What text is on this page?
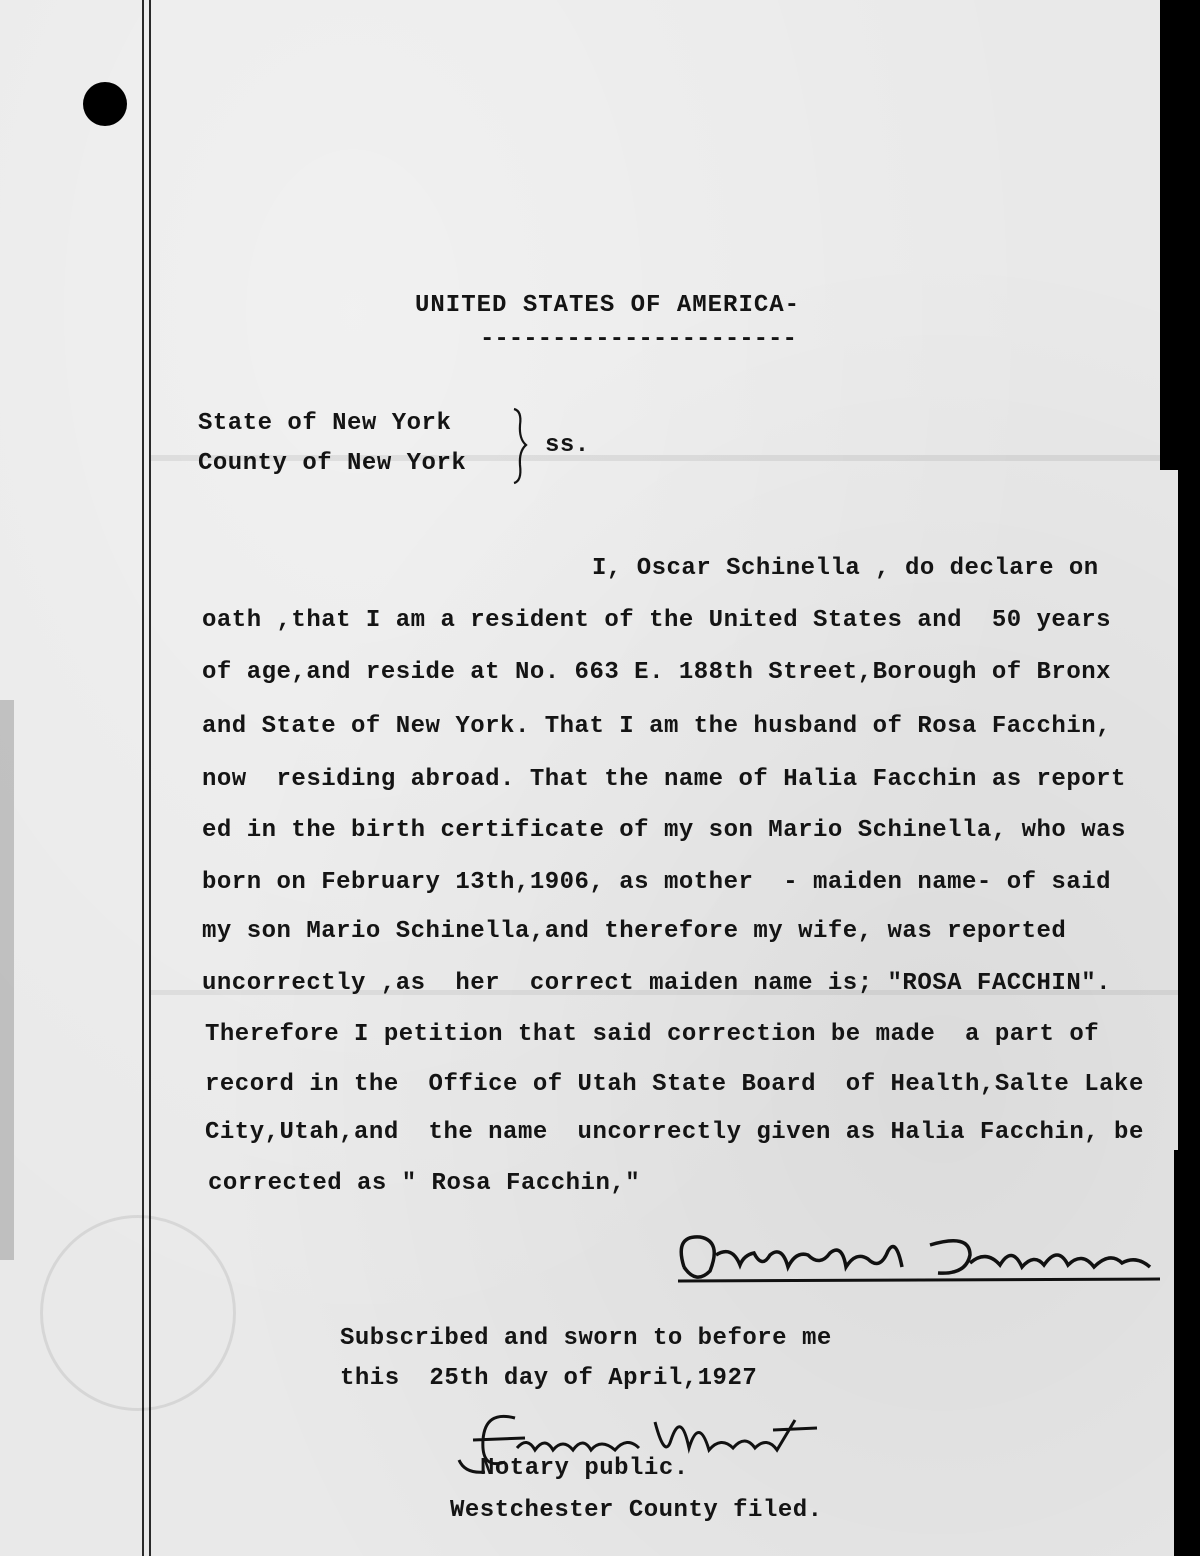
UNITED STATES OF AMERICA-
----------------------
State of New York
County of New York
ss.
I, Oscar Schinella , do declare on
oath ,that I am a resident of the United States and  50 years
of age,and reside at No. 663 E. 188th Street,Borough of Bronx
and State of New York. That I am the husband of Rosa Facchin,
now  residing abroad. That the name of Halia Facchin as report
ed in the birth certificate of my son Mario Schinella, who was
born on February 13th,1906, as mother  - maiden name- of said
my son Mario Schinella,and therefore my wife, was reported
uncorrectly ,as  her  correct maiden name is; "ROSA FACCHIN".
Therefore I petition that said correction be made  a part of
record in the  Office of Utah State Board  of Health,Salte Lake
City,Utah,and  the name  uncorrectly given as Halia Facchin, be
corrected as " Rosa Facchin,"
Subscribed and sworn to before me
this  25th day of April,1927
Notary public.
Westchester County filed.
